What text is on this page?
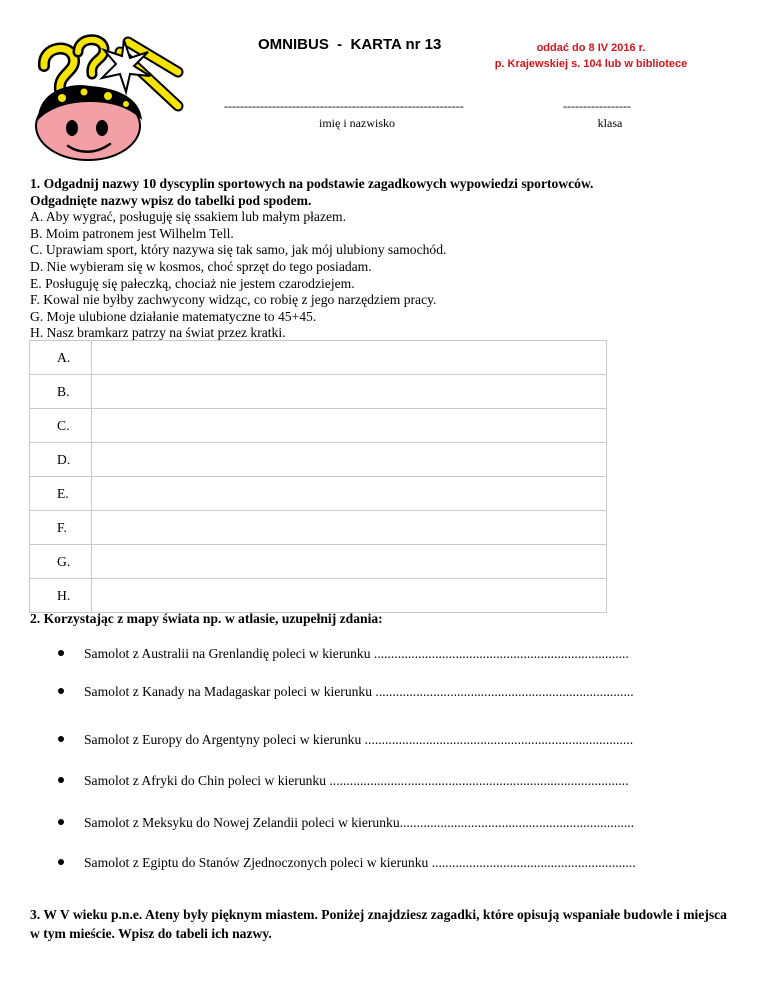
OMNIBUS  -  KARTA nr 13	oddać do 8 IV 2016 r.
p. Krajewskiej s. 104 lub w bibliotece
------------------------------------------------------------
imię i nazwisko
-----------------
klasa
1. Odgadnij nazwy 10 dyscyplin sportowych na podstawie zagadkowych wypowiedzi sportowców.
Odgadnięte nazwy wpisz do tabelki pod spodem.
A. Aby wygrać, posługuję się ssakiem lub małym płazem.
B. Moim patronem jest Wilhelm Tell.
C. Uprawiam sport, który nazywa się tak samo, jak mój ulubiony samochód.
D. Nie wybieram się w kosmos, choć sprzęt do tego posiadam.
E. Posługuję się pałeczką, chociaż nie jestem czarodziejem.
F. Kowal nie byłby zachwycony widząc, co robię z jego narzędziem pracy.
G. Moje ulubione działanie matematyczne to 45+45.
H. Nasz bramkarz patrzy na świat przez kratki.
A.	
B.	
C.	
D.	
E.	
F.	
G.	
H.	
2. Korzystając z mapy świata np. w atlasie, uzupełnij zdania:
Samolot z Australii na Grenlandię poleci w kierunku ...........................................................................
Samolot z Kanady na Madagaskar poleci w kierunku ............................................................................
Samolot z Europy do Argentyny poleci w kierunku ...............................................................................
Samolot z Afryki do Chin poleci w kierunku ........................................................................................
Samolot z Meksyku do Nowej Zelandii poleci w kierunku.....................................................................
Samolot z Egiptu do Stanów Zjednoczonych poleci w kierunku ............................................................
3. W V wieku p.n.e. Ateny były pięknym miastem. Poniżej znajdziesz zagadki, które opisują wspaniałe budowle i miejsca w tym mieście. Wpisz do tabeli ich nazwy.
